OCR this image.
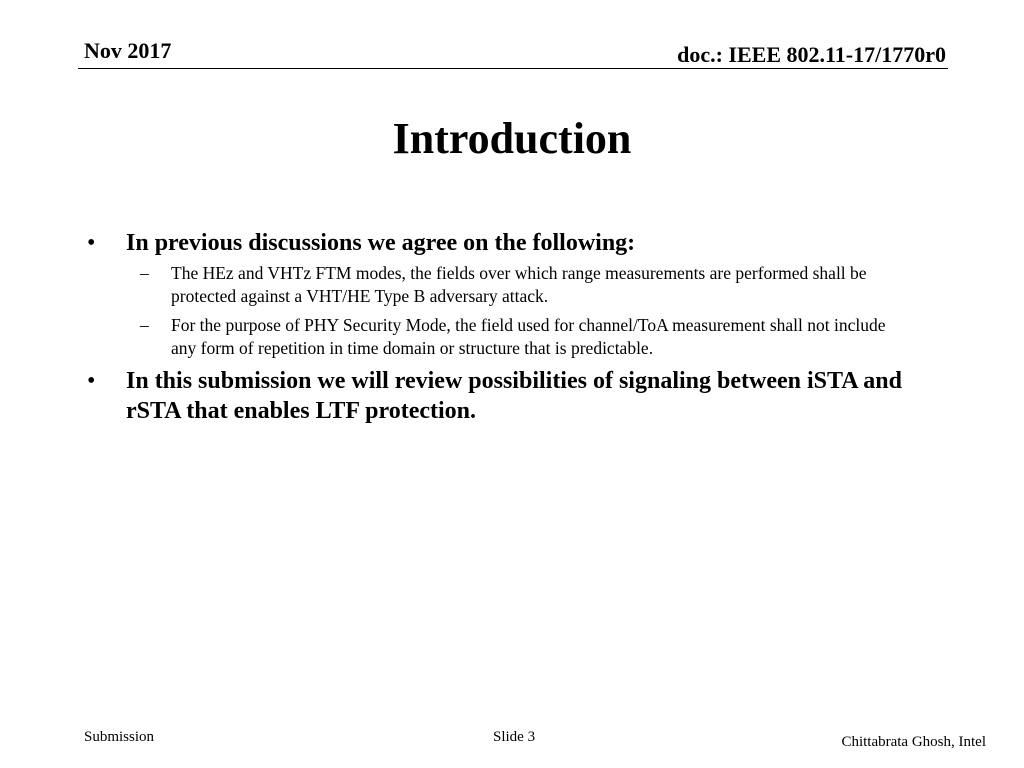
Nov 2017	doc.: IEEE 802.11-17/1770r0
Introduction
• In previous discussions we agree on the following:
– The HEz and VHTz FTM modes, the fields over which range measurements are performed shall be protected against a VHT/HE Type B adversary attack.
– For the purpose of PHY Security Mode, the field used for channel/ToA measurement shall not include any form of repetition in time domain or structure that is predictable.
• In this submission we will review possibilities of signaling between iSTA and rSTA that enables LTF protection.
Submission	Slide 3	Chittabrata Ghosh, Intel
